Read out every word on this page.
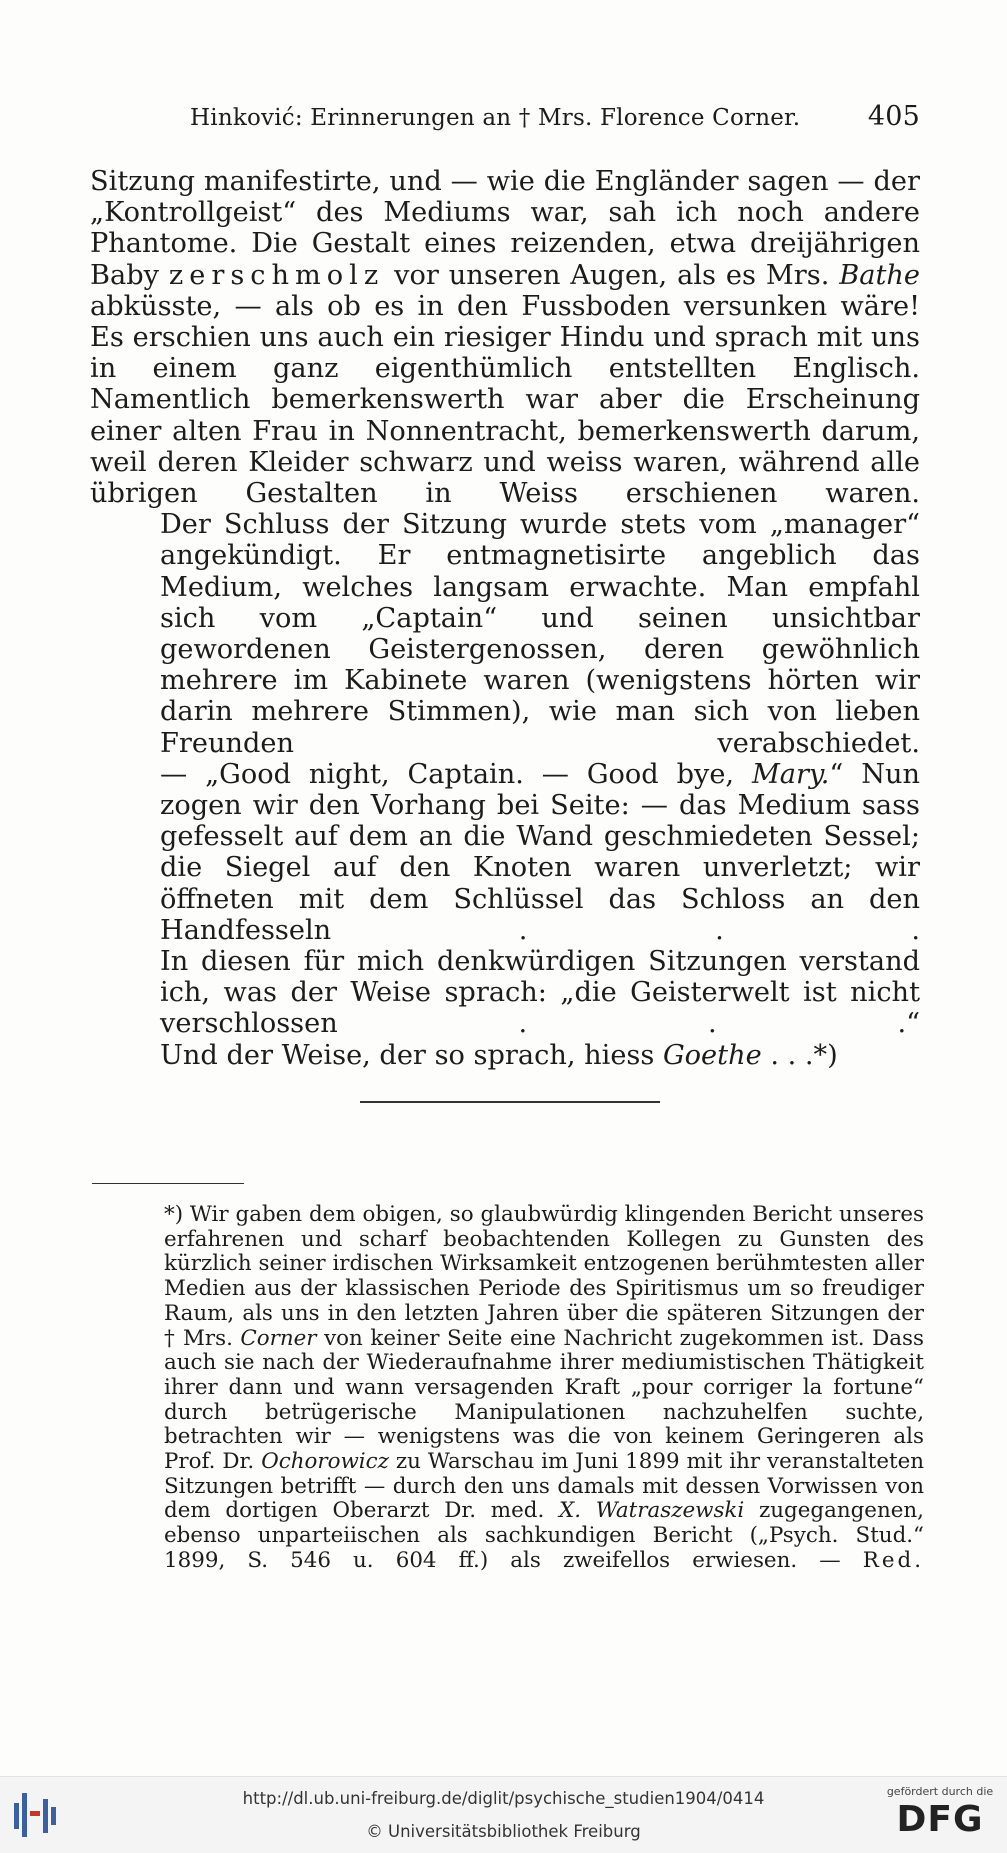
Hinković: Erinnerungen an † Mrs. Florence Corner.	405

Sitzung manifestirte, und — wie die Engländer sagen — der „Kontrollgeist“ des Mediums war, sah ich noch andere Phantome. Die Gestalt eines reizenden, etwa dreijährigen Baby zerschmolz vor unseren Augen, als es Mrs. Bathe abküsste, — als ob es in den Fussboden versunken wäre! Es erschien uns auch ein riesiger Hindu und sprach mit uns in einem ganz eigenthümlich entstellten Englisch. Namentlich bemerkenswerth war aber die Erscheinung einer alten Frau in Nonnentracht, bemerkenswerth darum, weil deren Kleider schwarz und weiss waren, während alle übrigen Gestalten in Weiss erschienen waren.

Der Schluss der Sitzung wurde stets vom „manager“ angekündigt. Er entmagnetisirte angeblich das Medium, welches langsam erwachte. Man empfahl sich vom „Captain“ und seinen unsichtbar gewordenen Geistergenossen, deren gewöhnlich mehrere im Kabinete waren (wenigstens hörten wir darin mehrere Stimmen), wie man sich von lieben Freunden verabschiedet.

— „Good night, Captain. — Good bye, Mary.“ Nun zogen wir den Vorhang bei Seite: — das Medium sass gefesselt auf dem an die Wand geschmiedeten Sessel; die Siegel auf den Knoten waren unverletzt; wir öffneten mit dem Schlüssel das Schloss an den Handfesseln . . .

In diesen für mich denkwürdigen Sitzungen verstand ich, was der Weise sprach: „die Geisterwelt ist nicht verschlossen . . .“

Und der Weise, der so sprach, hiess Goethe . . .*)

*) Wir gaben dem obigen, so glaubwürdig klingenden Bericht unseres erfahrenen und scharf beobachtenden Kollegen zu Gunsten des kürzlich seiner irdischen Wirksamkeit entzogenen berühmtesten aller Medien aus der klassischen Periode des Spiritismus um so freudiger Raum, als uns in den letzten Jahren über die späteren Sitzungen der † Mrs. Corner von keiner Seite eine Nachricht zugekommen ist. Dass auch sie nach der Wiederaufnahme ihrer mediumistischen Thätigkeit ihrer dann und wann versagenden Kraft „pour corriger la fortune“ durch betrügerische Manipulationen nachzuhelfen suchte, betrachten wir — wenigstens was die von keinem Geringeren als Prof. Dr. Ochorowicz zu Warschau im Juni 1899 mit ihr veranstalteten Sitzungen betrifft — durch den uns damals mit dessen Vorwissen von dem dortigen Oberarzt Dr. med. X. Watraszewski zugegangenen, ebenso unparteiischen als sachkundigen Bericht („Psych. Stud.“ 1899, S. 546 u. 604 ff.) als zweifellos erwiesen. — Red.

http://dl.ub.uni-freiburg.de/diglit/psychische_studien1904/0414
© Universitätsbibliothek Freiburg
gefördert durch die
DFG
